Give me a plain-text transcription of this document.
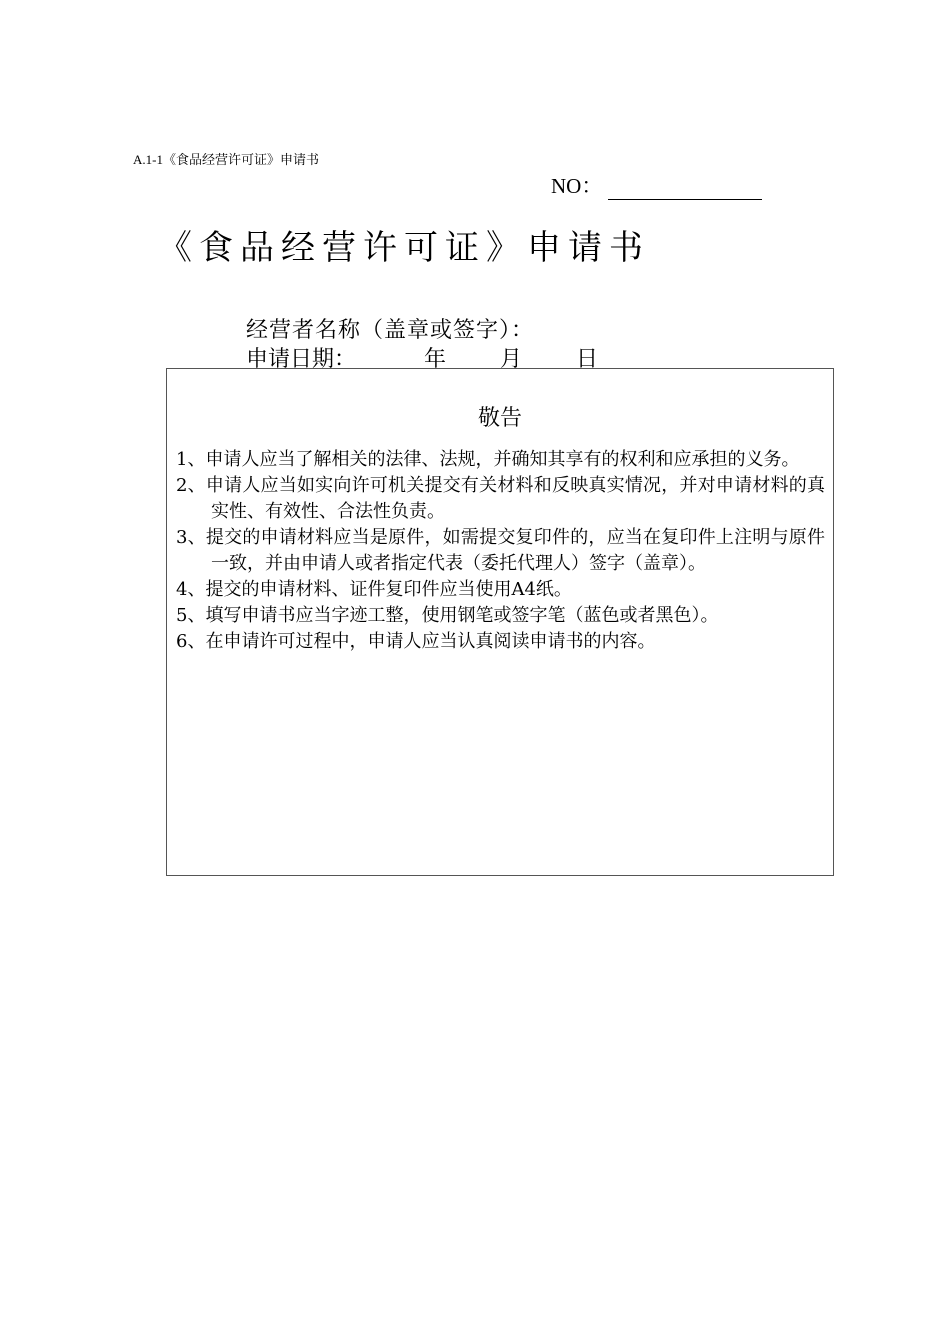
A.1-1《食品经营许可证》申请书
NO：
《食品经营许可证》申请书
经营者名称（盖章或签字）：
申请日期：	年 月 日
敬告
1、申请人应当了解相关的法律、法规，并确知其享有的权利和应承担的义务。
2、申请人应当如实向许可机关提交有关材料和反映真实情况，并对申请材料的真实性、有效性、合法性负责。
3、提交的申请材料应当是原件，如需提交复印件的，应当在复印件上注明与原件一致，并由申请人或者指定代表（委托代理人）签字（盖章）。
4、提交的申请材料、证件复印件应当使用A4纸。
5、填写申请书应当字迹工整，使用钢笔或签字笔（蓝色或者黑色）。
6、在申请许可过程中，申请人应当认真阅读申请书的内容。
